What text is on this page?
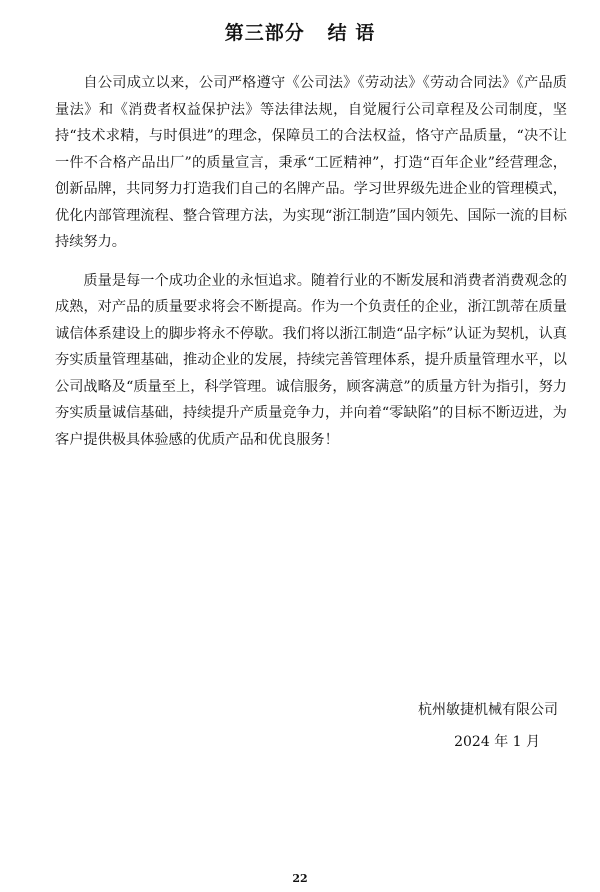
第三部分   结 语

自公司成立以来，公司严格遵守《公司法》《劳动法》《劳动合同法》《产品质量法》和《消费者权益保护法》等法律法规，自觉履行公司章程及公司制度，坚持“技术求精，与时俱进”的理念，保障员工的合法权益，恪守产品质量，“决不让一件不合格产品出厂”的质量宣言，秉承“工匠精神”，打造“百年企业”经营理念，创新品牌，共同努力打造我们自己的名牌产品。学习世界级先进企业的管理模式，优化内部管理流程、整合管理方法，为实现“浙江制造”国内领先、国际一流的目标持续努力。

质量是每一个成功企业的永恒追求。随着行业的不断发展和消费者消费观念的成熟，对产品的质量要求将会不断提高。作为一个负责任的企业，浙江凯蒂在质量诚信体系建设上的脚步将永不停歇。我们将以浙江制造“品字标”认证为契机，认真夯实质量管理基础，推动企业的发展，持续完善管理体系，提升质量管理水平，以公司战略及“质量至上，科学管理。诚信服务，顾客满意”的质量方针为指引，努力夯实质量诚信基础，持续提升产质量竞争力，并向着“零缺陷”的目标不断迈进，为客户提供极具体验感的优质产品和优良服务！

杭州敏捷机械有限公司
2024 年 1 月
22
